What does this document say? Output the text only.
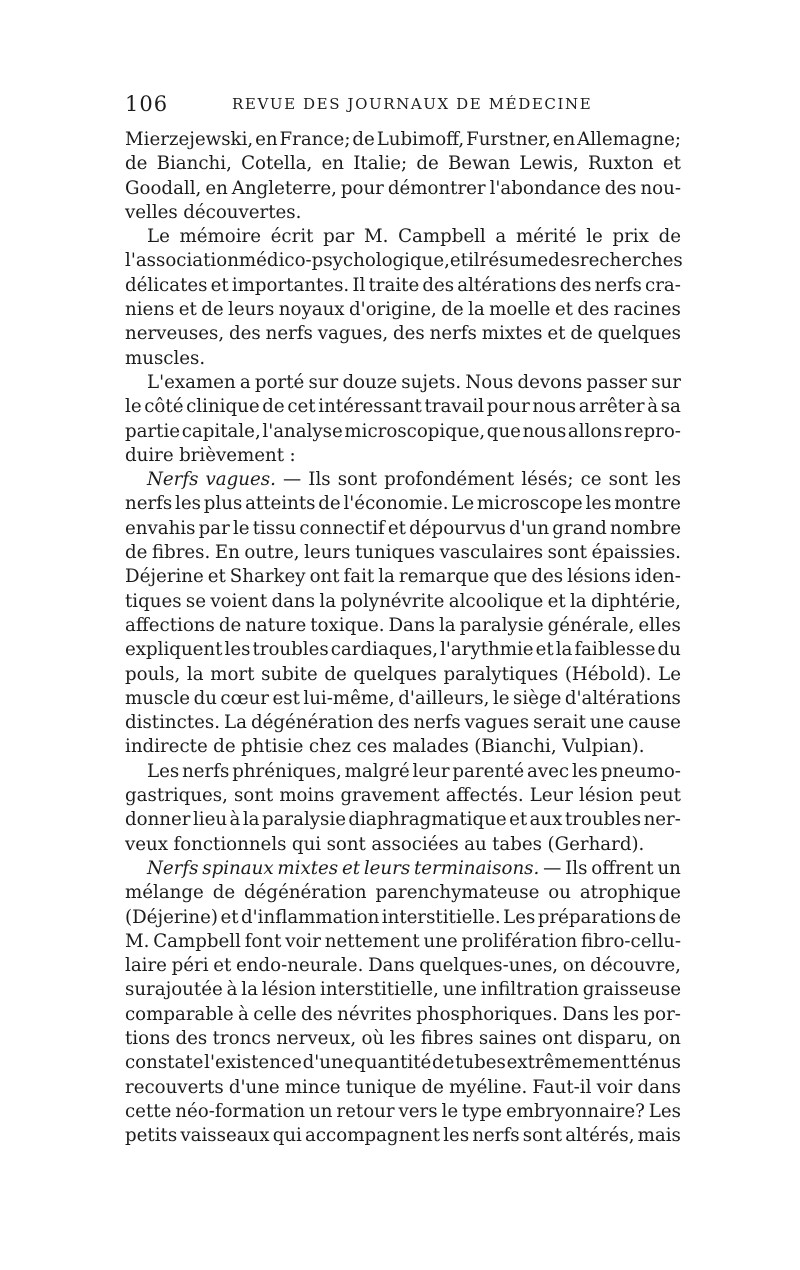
106	REVUE DES JOURNAUX DE MÉDECINE
Mierzejewski, en France; de Lubimoff, Furstner, en Allemagne;
de Bianchi, Cotella, en Italie; de Bewan Lewis, Ruxton et
Goodall, en Angleterre, pour démontrer l'abondance des nou-
velles découvertes.
Le mémoire écrit par M. Campbell a mérité le prix de
l'association médico-psychologique, et il résume des recherches
délicates et importantes. Il traite des altérations des nerfs cra-
niens et de leurs noyaux d'origine, de la moelle et des racines
nerveuses, des nerfs vagues, des nerfs mixtes et de quelques
muscles.
L'examen a porté sur douze sujets. Nous devons passer sur
le côté clinique de cet intéressant travail pour nous arrêter à sa
partie capitale, l'analyse microscopique, que nous allons repro-
duire brièvement :
Nerfs vagues. — Ils sont profondément lésés; ce sont les
nerfs les plus atteints de l'économie. Le microscope les montre
envahis par le tissu connectif et dépourvus d'un grand nombre
de fibres. En outre, leurs tuniques vasculaires sont épaissies.
Déjerine et Sharkey ont fait la remarque que des lésions iden-
tiques se voient dans la polynévrite alcoolique et la diphtérie,
affections de nature toxique. Dans la paralysie générale, elles
expliquent les troubles cardiaques, l'arythmie et la faiblesse du
pouls, la mort subite de quelques paralytiques (Hébold). Le
muscle du cœur est lui-même, d'ailleurs, le siège d'altérations
distinctes. La dégénération des nerfs vagues serait une cause
indirecte de phtisie chez ces malades (Bianchi, Vulpian).
Les nerfs phréniques, malgré leur parenté avec les pneumo-
gastriques, sont moins gravement affectés. Leur lésion peut
donner lieu à la paralysie diaphragmatique et aux troubles ner-
veux fonctionnels qui sont associées au tabes (Gerhard).
Nerfs spinaux mixtes et leurs terminaisons. — Ils offrent un
mélange de dégénération parenchymateuse ou atrophique
(Déjerine) et d'inflammation interstitielle. Les préparations de
M. Campbell font voir nettement une prolifération fibro-cellu-
laire péri et endo-neurale. Dans quelques-unes, on découvre,
surajoutée à la lésion interstitielle, une infiltration graisseuse
comparable à celle des névrites phosphoriques. Dans les por-
tions des troncs nerveux, où les fibres saines ont disparu, on
constate l'existence d'une quantité de tubes extrêmement ténus
recouverts d'une mince tunique de myéline. Faut-il voir dans
cette néo-formation un retour vers le type embryonnaire? Les
petits vaisseaux qui accompagnent les nerfs sont altérés, mais
